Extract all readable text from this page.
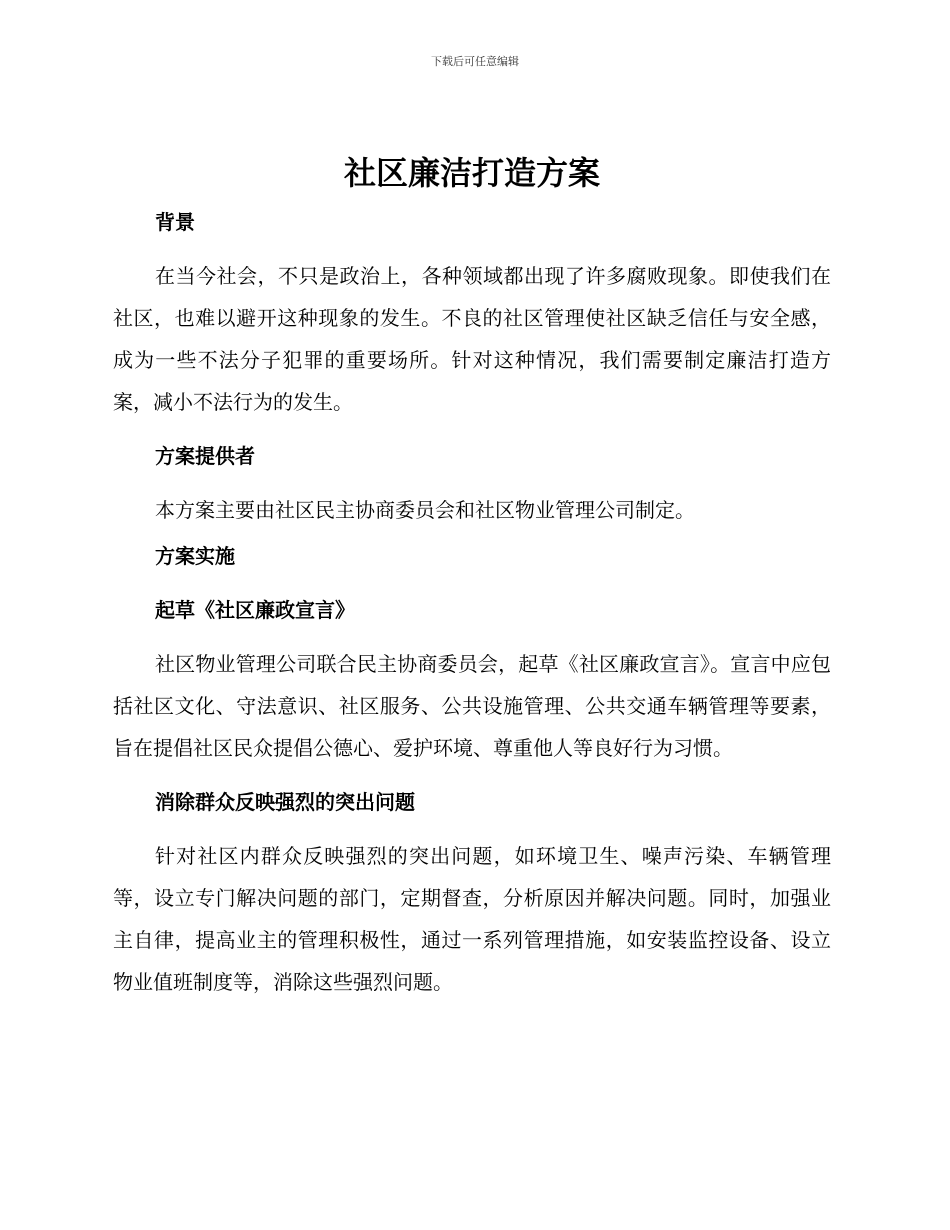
下载后可任意编辑
社区廉洁打造方案
背景

在当今社会，不只是政治上，各种领域都出现了许多腐败现象。即使我们在社区，也难以避开这种现象的发生。不良的社区管理使社区缺乏信任与安全感，成为一些不法分子犯罪的重要场所。针对这种情况，我们需要制定廉洁打造方案，减小不法行为的发生。

方案提供者

本方案主要由社区民主协商委员会和社区物业管理公司制定。

方案实施
起草《社区廉政宣言》

社区物业管理公司联合民主协商委员会，起草《社区廉政宣言》。宣言中应包括社区文化、守法意识、社区服务、公共设施管理、公共交通车辆管理等要素，旨在提倡社区民众提倡公德心、爱护环境、尊重他人等良好行为习惯。

消除群众反映强烈的突出问题

针对社区内群众反映强烈的突出问题，如环境卫生、噪声污染、车辆管理等，设立专门解决问题的部门，定期督查，分析原因并解决问题。同时，加强业主自律，提高业主的管理积极性，通过一系列管理措施，如安装监控设备、设立物业值班制度等，消除这些强烈问题。
